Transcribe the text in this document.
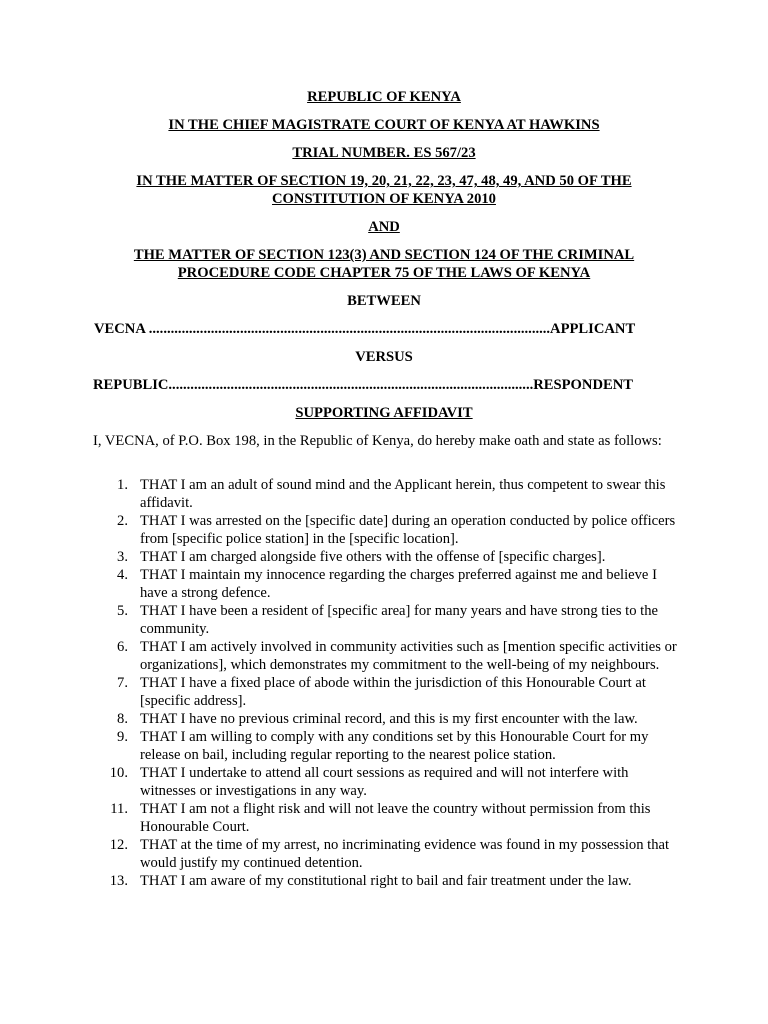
REPUBLIC OF KENYA

IN THE CHIEF MAGISTRATE COURT OF KENYA AT HAWKINS

TRIAL NUMBER. ES 567/23

IN THE MATTER OF SECTION 19, 20, 21, 22, 23, 47, 48, 49, AND 50 OF THE

CONSTITUTION OF KENYA 2010

AND

THE MATTER OF SECTION 123(3) AND SECTION 124 OF THE CRIMINAL

PROCEDURE CODE CHAPTER 75 OF THE LAWS OF KENYA

BETWEEN

VECNA ..............................................................................................................APPLICANT

VERSUS

REPUBLIC....................................................................................................RESPONDENT

SUPPORTING AFFIDAVIT

I, VECNA, of P.O. Box 198, in the Republic of Kenya, do hereby make oath and state as follows:

1. THAT I am an adult of sound mind and the Applicant herein, thus competent to swear this affidavit.
2. THAT I was arrested on the [specific date] during an operation conducted by police officers from [specific police station] in the [specific location].
3. THAT I am charged alongside five others with the offense of [specific charges].
4. THAT I maintain my innocence regarding the charges preferred against me and believe I have a strong defence.
5. THAT I have been a resident of [specific area] for many years and have strong ties to the community.
6. THAT I am actively involved in community activities such as [mention specific activities or organizations], which demonstrates my commitment to the well-being of my neighbours.
7. THAT I have a fixed place of abode within the jurisdiction of this Honourable Court at [specific address].
8. THAT I have no previous criminal record, and this is my first encounter with the law.
9. THAT I am willing to comply with any conditions set by this Honourable Court for my release on bail, including regular reporting to the nearest police station.
10. THAT I undertake to attend all court sessions as required and will not interfere with witnesses or investigations in any way.
11. THAT I am not a flight risk and will not leave the country without permission from this Honourable Court.
12. THAT at the time of my arrest, no incriminating evidence was found in my possession that would justify my continued detention.
13. THAT I am aware of my constitutional right to bail and fair treatment under the law.
